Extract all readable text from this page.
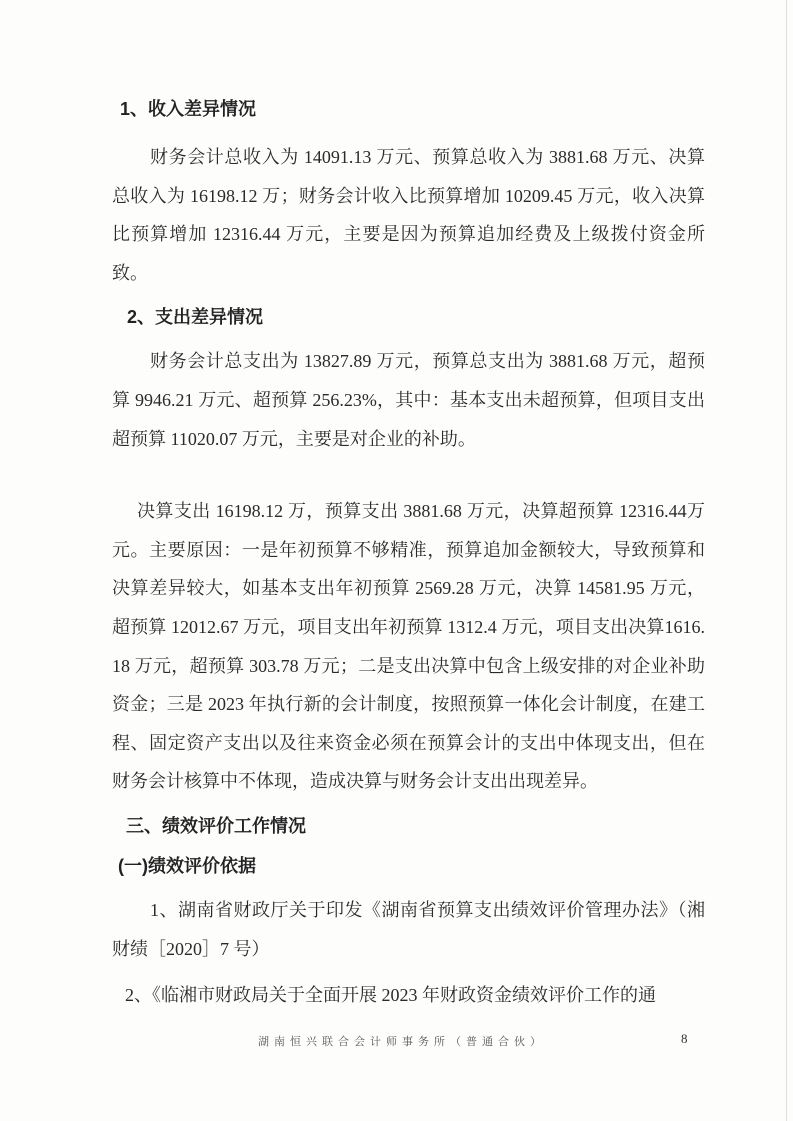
1、收入差异情况

财务会计总收入为 14091.13 万元、预算总收入为 3881.68 万元、决算总收入为 16198.12 万；财务会计收入比预算增加 10209.45 万元，收入决算比预算增加 12316.44 万元，主要是因为预算追加经费及上级拨付资金所致。

2、支出差异情况

财务会计总支出为 13827.89 万元，预算总支出为 3881.68 万元，超预算 9946.21 万元、超预算 256.23%，其中：基本支出未超预算，但项目支出超预算 11020.07 万元，主要是对企业的补助。

决算支出 16198.12 万，预算支出 3881.68 万元，决算超预算 12316.44万元。主要原因：一是年初预算不够精准，预算追加金额较大，导致预算和决算差异较大，如基本支出年初预算 2569.28 万元，决算 14581.95 万元，超预算 12012.67 万元，项目支出年初预算 1312.4 万元，项目支出决算1616.18 万元，超预算 303.78 万元；二是支出决算中包含上级安排的对企业补助资金；三是 2023 年执行新的会计制度，按照预算一体化会计制度，在建工程、固定资产支出以及往来资金必须在预算会计的支出中体现支出，但在财务会计核算中不体现，造成决算与财务会计支出出现差异。

三、绩效评价工作情况
(一)绩效评价依据

1、湖南省财政厅关于印发《湖南省预算支出绩效评价管理办法》（湘财绩［2020］7 号）

2、《临湘市财政局关于全面开展 2023 年财政资金绩效评价工作的通

湖南恒兴联合会计师事务所（普通合伙）	8
